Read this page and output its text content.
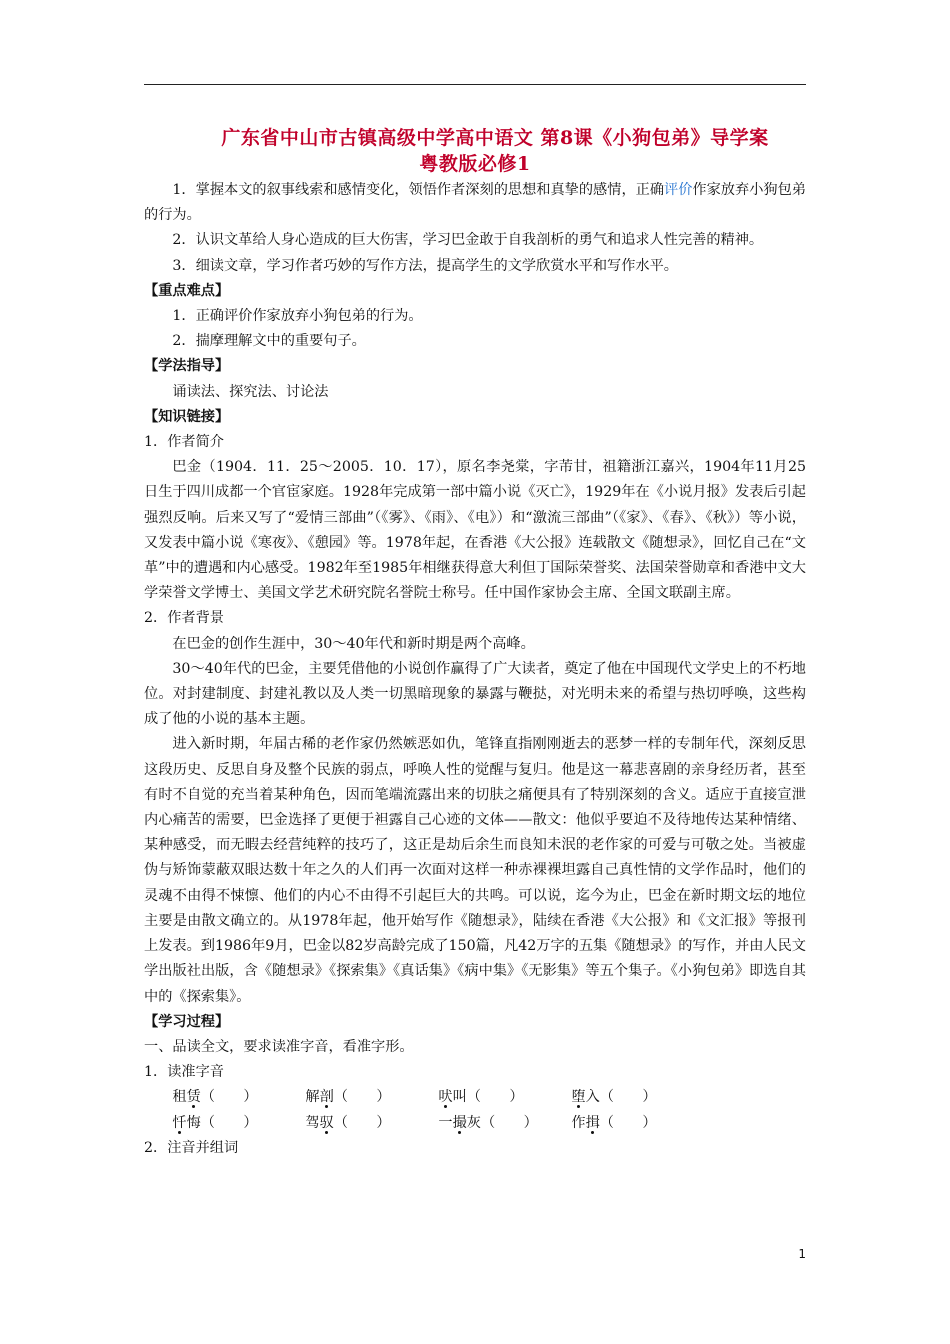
广东省中山市古镇高级中学高中语文 第8课《小狗包弟》导学案
粤教版必修1

1．掌握本文的叙事线索和感情变化，领悟作者深刻的思想和真挚的感情，正确评价作家放弃小狗包弟的行为。

2．认识文革给人身心造成的巨大伤害，学习巴金敢于自我剖析的勇气和追求人性完善的精神。

3．细读文章，学习作者巧妙的写作方法，提高学生的文学欣赏水平和写作水平。

【重点难点】

1．正确评价作家放弃小狗包弟的行为。

2．揣摩理解文中的重要句子。

【学法指导】

诵读法、探究法、讨论法

【知识链接】

1．作者简介

巴金（1904．11．25～2005．10．17），原名李尧棠，字芾甘，祖籍浙江嘉兴，1904年11月25日生于四川成都一个官宦家庭。1928年完成第一部中篇小说《灭亡》，1929年在《小说月报》发表后引起强烈反响。后来又写了“爱情三部曲”（《雾》、《雨》、《电》）和“激流三部曲”（《家》、《春》、《秋》）等小说，又发表中篇小说《寒夜》、《憩园》等。1978年起，在香港《大公报》连载散文《随想录》，回忆自己在“文革”中的遭遇和内心感受。1982年至1985年相继获得意大利但丁国际荣誉奖、法国荣誉勋章和香港中文大学荣誉文学博士、美国文学艺术研究院名誉院士称号。任中国作家协会主席、全国文联副主席。

2．作者背景

在巴金的创作生涯中，30～40年代和新时期是两个高峰。

30～40年代的巴金，主要凭借他的小说创作赢得了广大读者，奠定了他在中国现代文学史上的不朽地位。对封建制度、封建礼教以及人类一切黑暗现象的暴露与鞭挞，对光明未来的希望与热切呼唤，这些构成了他的小说的基本主题。

进入新时期，年届古稀的老作家仍然嫉恶如仇，笔锋直指刚刚逝去的恶梦一样的专制年代，深刻反思这段历史、反思自身及整个民族的弱点，呼唤人性的觉醒与复归。他是这一幕悲喜剧的亲身经历者，甚至有时不自觉的充当着某种角色，因而笔端流露出来的切肤之痛便具有了特别深刻的含义。适应于直接宣泄内心痛苦的需要，巴金选择了更便于袒露自己心迹的文体——散文：他似乎要迫不及待地传达某种情绪、某种感受，而无暇去经营纯粹的技巧了，这正是劫后余生而良知未泯的老作家的可爱与可敬之处。当被虚伪与矫饰蒙蔽双眼达数十年之久的人们再一次面对这样一种赤裸裸坦露自己真性情的文学作品时，他们的灵魂不由得不悚懔、他们的内心不由得不引起巨大的共鸣。可以说，迄今为止，巴金在新时期文坛的地位主要是由散文确立的。从1978年起，他开始写作《随想录》，陆续在香港《大公报》和《文汇报》等报刊上发表。到1986年9月，巴金以82岁高龄完成了150篇，凡42万字的五集《随想录》的写作，并由人民文学出版社出版，含《随想录》《探索集》《真话集》《病中集》《无影集》等五个集子。《小狗包弟》即选自其中的《探索集》。

【学习过程】

一、品读全文，要求读准字音，看准字形。

1．读准字音

租赁（　　）	解剖（　　）	吠叫（　　）	堕入（　　）
忏悔（　　）	驾驭（　　）	一撮灰（　　）	作揖（　　）

2．注音并组词

1
